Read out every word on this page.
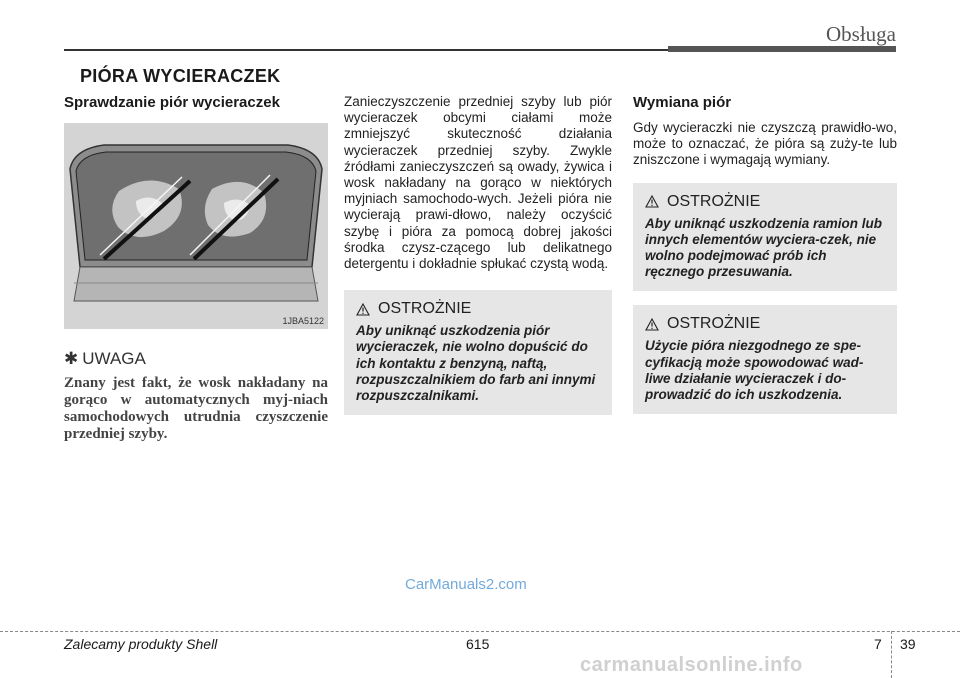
Obsługa
PIÓRA WYCIERACZEK
Sprawdzanie piór wycieraczek
1JBA5122
✱ UWAGA
Znany jest fakt, że wosk nakładany na gorąco w automatycznych myj-niach samochodowych utrudnia czyszczenie przedniej szyby.
Zanieczyszczenie przedniej szyby lub piór wycieraczek obcymi ciałami może zmniejszyć skuteczność działania wycieraczek przedniej szyby. Zwykle źródłami zanieczyszczeń są owady, żywica i wosk nakładany na gorąco w niektórych myjniach samochodo-wych. Jeżeli pióra nie wycierają prawi-dłowo, należy oczyścić szybę i pióra za pomocą dobrej jakości środka czysz-czącego lub delikatnego detergentu i dokładnie spłukać czystą wodą.
OSTROŻNIE
Aby uniknąć uszkodzenia piór wycieraczek, nie wolno dopuścić do ich kontaktu z benzyną, naftą, rozpuszczalnikiem do farb ani innymi rozpuszczalnikami.
Wymiana piór
Gdy wycieraczki nie czyszczą prawidło-wo, może to oznaczać, że pióra są zuży-te lub zniszczone i wymagają wymiany.
OSTROŻNIE
Aby uniknąć uszkodzenia ramion lub innych elementów wyciera-czek, nie wolno podejmować prób ich ręcznego przesuwania.
OSTROŻNIE
Użycie pióra niezgodnego ze spe-cyfikacją może spowodować wad-liwe działanie wycieraczek i do-prowadzić do ich uszkodzenia.
CarManuals2.com
Zalecamy produkty Shell	615	7 39
carmanualsonline.info
